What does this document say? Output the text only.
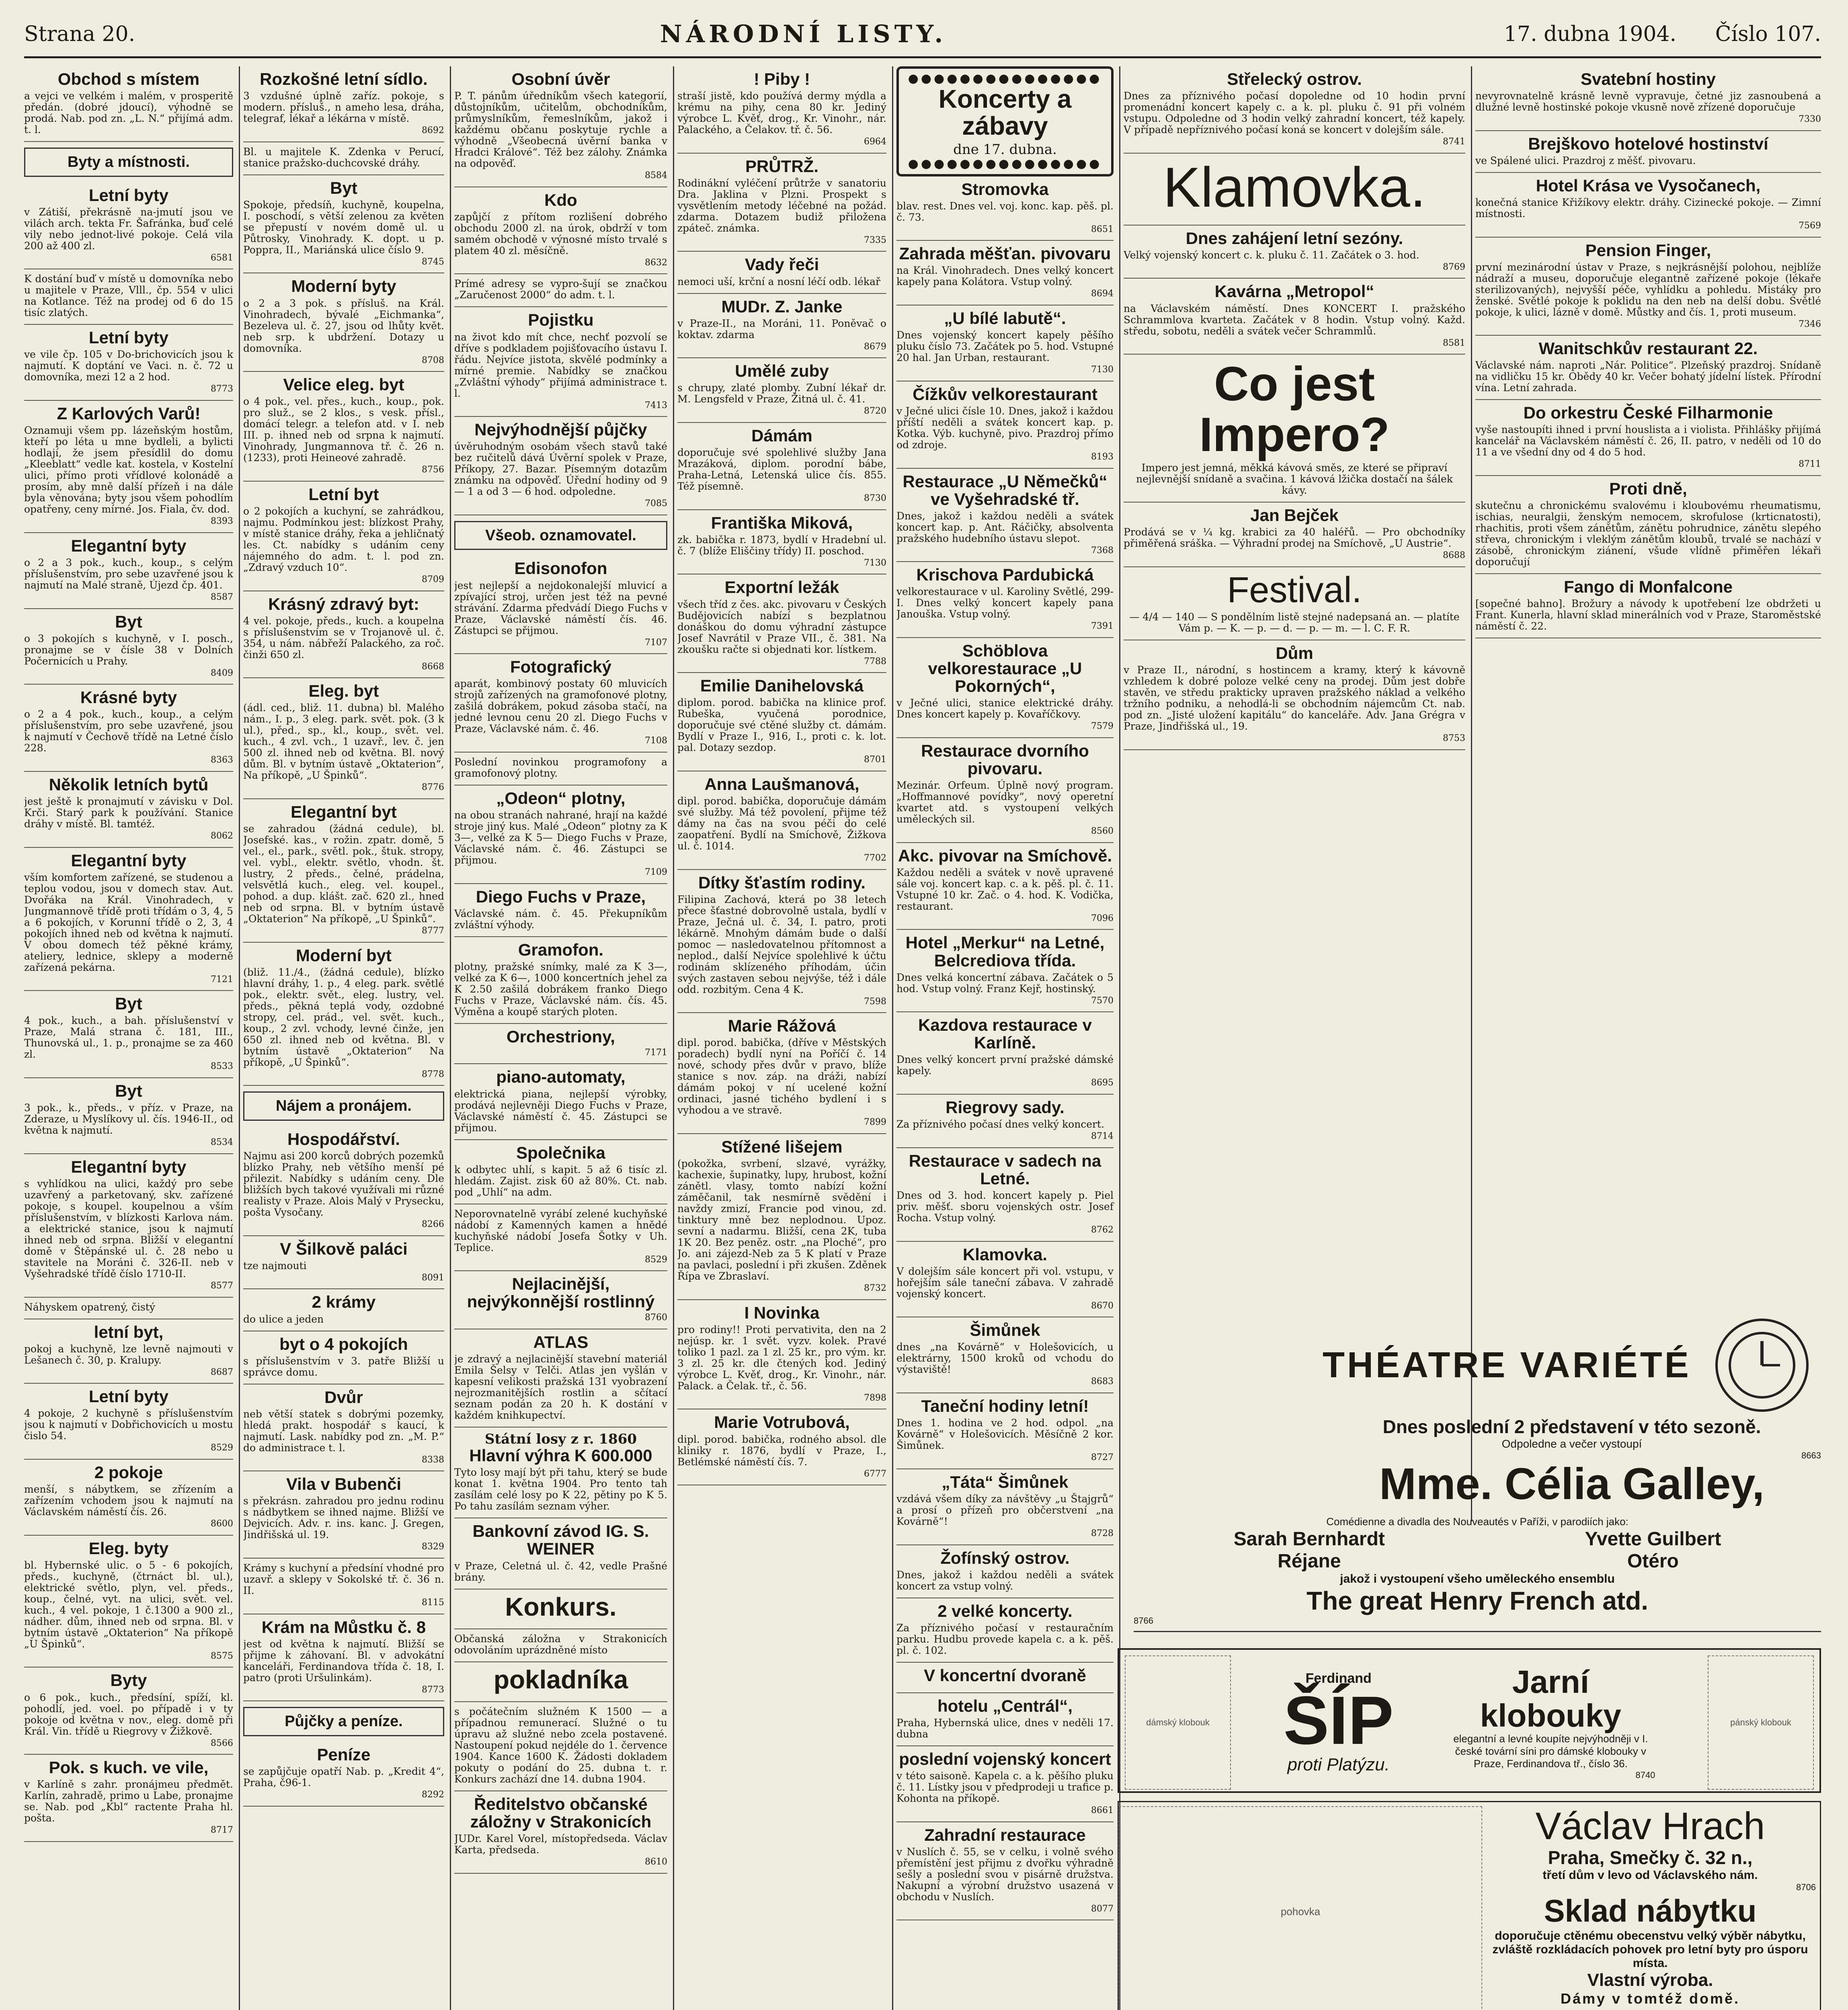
Strana 20.	NÁRODNÍ LISTY.	17. dubna 1904. Číslo 107.
Obchod s místem

a vejci ve velkém i malém, v prosperitě předán. (dobré jdoucí), výhodně se prodá. Nab. pod zn. „L. N.“ přijímá adm. t. l.

Byty a místnosti.
Letní byty

v Zátiší, překrásně na-jmutí jsou ve vilách arch. tekta Fr. Šafránka, buď celé vily nebo jednot-livé pokoje. Celá vila 200 až 400 zl.

6581

K dostání buď v místě u domovníka nebo u majitele v Praze, Vlll., čp. 554 v ulici na Kotlance. Též na prodej od 6 do 15 tisíc zlatých.

Letní byty

ve vile čp. 105 v Do-brichovicích jsou k najmutí. K doptání ve Vaci. n. č. 72 u domovníka, mezi 12 a 2 hod.

8773
Z Karlových Varů!

Oznamuji všem pp. lázeňským hostům, kteří po léta u mne bydleli, a bylicti hodlají, že jsem přesídlil do domu „Kleeblatt“ vedle kat. kostela, v Kostelní ulici, přímo proti vřídlové kolonádě a prosím, aby mně další přízeň i na dále byla věnována; byty jsou všem pohodlím opatřeny, ceny mírné. Jos. Fiala, čv. dod.

8393
Elegantní byty

o 2 a 3 pok., kuch., koup., s celým příslušenstvím, pro sebe uzavřené jsou k najmutí na Malé straně, Újezd čp. 401.

8587
Byt

o 3 pokojích s kuchyně, v I. posch., pronajme se v čísle 38 v Dolních Počernicích u Prahy.

8409
Krásné byty

o 2 a 4 pok., kuch., koup., a celým příslušenstvím, pro sebe uzavřené, jsou k najmutí v Čechově třídě na Letné číslo 228.

8363
Několik letních bytů

jest ještě k pronajmutí v závisku v Dol. Krči. Starý park k používání. Stanice dráhy v místě. Bl. tamtéž.

8062
Elegantní byty

vším komfortem zařízené, se studenou a teplou vodou, jsou v domech stav. Aut. Dvořáka na Král. Vinohradech, v Jungmannově třídě proti třídám o 3, 4, 5 a 6 pokojích, v Korunní třídě o 2, 3, 4 pokojích ihned neb od května k najmutí. V obou domech též pěkné krámy, ateliery, lednice, sklepy a moderně zařízená pekárna.

7121
Byt

4 pok., kuch., a bah. příslušenství v Praze, Malá strana č. 181, III., Thunovská ul., 1. p., pronajme se za 460 zl.

8533
Byt

3 pok., k., předs., v příz. v Praze, na Zderaze, u Myslíkovy ul. čís. 1946-II., od května k najmutí.

8534
Elegantní byty

s vyhlídkou na ulici, každý pro sebe uzavřený a parketovaný, skv. zařízené pokoje, s koupel. koupelnou a vším příslušenstvím, v blízkosti Karlova nám. a elektrické stanice, jsou k najmutí ihned neb od srpna. Bližší v elegantní domě v Štěpánské ul. č. 28 nebo u stavitele na Moráni č. 326-II. neb v Vyšehradské třídě číslo 1710-II.

8577

Náhyskem opatrený, čistý

letní byt,

pokoj a kuchyně, lze levně najmouti v Lešanech č. 30, p. Kralupy.

8687
Letní byty

4 pokoje, 2 kuchyně s příslušenstvím jsou k najmutí v Dobřichovicích u mostu čislo 54.

8529
2 pokoje

menší, s nábytkem, se zřízením a zařízením vchodem jsou k najmutí na Václavském náměstí čís. 26.

8600
Eleg. byty

bl. Hybernské ulic. o 5 - 6 pokojích, předs., kuchyně, (čtrnáct bl. ul.), elektrické světlo, plyn, vel. předs., koup., čelné, vyt. na ulici, svět. vel. kuch., 4 vel. pokoje, 1 č.1300 a 900 zl., nádher. dům, ihned neb od srpna. Bl. v bytním ústavě „Oktaterion“ Na příkopě „U Špinků“.

8575
Byty

o 6 pok., kuch., předsíní, spíží, kl. pohodlí, jed. voel. po případě i v ty pokoje od května v nov., eleg. domě při Král. Vin. třídě u Riegrovy v Žižkově.

8566
Pok. s kuch. ve vile,

v Karlíně s zahr. pronájmeu předmět. Karlín, zahradě, primo u Labe, pronajme se. Nab. pod „Kbl“ ractente Praha hl. pošta.

8717
Rozkošné letní sídlo.

3 vzdušné úplně zaříz. pokoje, s modern. přísluš., n ameho lesa, dráha, telegraf, lékař a lékárna v místě.

8692

Bl. u majitele K. Zdenka v Perucí, stanice pražsko-duchcovské dráhy.

Byt

Spokoje, předsíň, kuchyně, koupelna, I. poschodí, s větší zelenou za květen se přepustí v novém domě ul. u Půtrosky, Vinohrady. K. dopt. u p. Poppra, II., Mariánská ulice číslo 9.

8745
Moderní byty

o 2 a 3 pok. s přísluš. na Král. Vinohradech, bývalé „Eichmanka“, Bezeleva ul. č. 27, jsou od lhůty květ. neb srp. k ubdržení. Dotazy u domovníka.

8708
Velice eleg. byt

o 4 pok., vel. přes., kuch., koup., pok. pro služ., se 2 klos., s vesk. přísl., domácí telegr. a telefon atd. v I. neb III. p. ihned neb od srpna k najmutí. Vinohrady, Jungmannova tř. č. 26 n. (1233), proti Heineové zahradě.

8756
Letní byt

o 2 pokojích a kuchyní, se zahrádkou, najmu. Podmínkou jest: blízkost Prahy, v místě stanice dráhy, řeka a jehličnatý les. Ct. nabídky s udáním ceny nájemného do adm. t. l. pod zn. „Zdravý vzduch 10“.

8709
Krásný zdravý byt:

4 vel. pokoje, předs., kuch. a koupelna s příslušenstvím se v Trojanově ul. č. 354, u nám. nábřeží Palackého, za roč. činži 650 zl.

8668
Eleg. byt

(ádl. ced., bliž. 11. dubna) bl. Malého nám., I. p., 3 eleg. park. svět. pok. (3 k ul.), před., sp., kl., koup., svět. vel. kuch., 4 zvl. vch., 1 uzavř., lev. č. jen 500 zl. ihned neb od května. Bl. nový dům. Bl. v bytním ústavě „Oktaterion“, Na příkopě, „U Špinků“.

8776
Elegantní byt

se zahradou (žádná cedule), bl. Josefské. kas., v rožin. zpatr. domě, 5 vel., el., park., světl. pok., štuk. stropy, vel. vybl., elektr. světlo, vhodn. št. lustry, 2 předs., čelné, prádelna, velsvětlá kuch., eleg. vel. koupel., pohod. a dup. klášt. zač. 620 zl., hned neb od srpna. Bl. v bytním ústavě „Oktaterion“ Na příkopě, „U Špinků“.

8777
Moderní byt

(bliž. 11./4., (žádná cedule), blízko hlavní dráhy, 1. p., 4 eleg. park. světlé pok., elektr. svět., eleg. lustry, vel. předs., pěkná teplá vody, ozdobné stropy, cel. prád., vel. svět. kuch., koup., 2 zvl. vchody, levné činže, jen 650 zl. ihned neb od května. Bl. v bytním ústavě „Oktaterion“ Na příkopě, „U Špinků“.

8778
Nájem a pronájem.
Hospodářství.

Najmu asi 200 korců dobrých pozemků blízko Prahy, neb většího menší pé přilezit. Nabídky s udáním ceny. Dle bližších bych takové využívali mi různé realisty v Praze. Alois Malý v Prysecku, pošta Vysočany.

8266
V Šilkově paláci

tze najmouti

8091
2 krámy

do ulice a jeden

byt o 4 pokojích

s příslušenstvím v 3. patře Bližší u správce domu.

Dvůr

neb větší statek s dobrými pozemky, hledá prakt. hospodář s kaucí, k najmutí. Lask. nabídky pod zn. „M. P.“ do administrace t. l.

8338
Vila v Bubenči

s překrásn. zahradou pro jednu rodinu s nádbytkem se ihned najme. Bližší ve Dejvicích. Adv. r. ins. kanc. J. Gregen, Jindřišská ul. 19.

8329

Krámy s kuchyní a předsíní vhodné pro uzavř. a sklepy v Sokolské tř. č. 36 n. II.

8115
Krám na Můstku č. 8

jest od května k najmutí. Bližší se přijme k záhovaní. Bl. v advokátní kanceláři, Ferdinandova třída č. 18, I. patro (proti Uršulinkám).

8773
Půjčky a peníze.
Peníze

se zapůjčuje opatří Nab. p. „Kredit 4“, Praha, č96-1.

8292
Osobní úvěr

P. T. pánům úředníkům všech kategorií, důstojníkům, učitelům, obchodníkům, průmyslníkům, řemeslníkům, jakož i každému občanu poskytuje rychle a výhodně „Všeobecná úvěrní banka v Hradci Králové“. Též bez zálohy. Známka na odpověď.

8584
Kdo

zapůjčí z přítom rozlišení dobrého obchodu 2000 zl. na úrok, obdrží v tom samém obchodě v výnosné místo trvalé s platem 40 zl. měsíčně.

8632

Prímé adresy se vypro-šují se značkou „Zaručenost 2000“ do adm. t. l.

Pojistku

na život kdo mít chce, nechť pozvolí se dříve s podkladem pojišťovacího ústavu I. řádu. Nejvíce jistota, skvělé podmínky a mírné premie. Nabídky se značkou „Zvláštní výhody“ přijímá administrace t. l.

7413
Nejvýhodnější půjčky

úvěruhodným osobám všech stavů také bez ručitelů dává Úvěrní spolek v Praze, Příkopy, 27. Bazar. Písemným dotazům známku na odpověď. Úřední hodiny od 9 — 1 a od 3 — 6 hod. odpoledne.

7085
Všeob. oznamovatel.
Edisonofon

jest nejlepší a nejdokonalejší mluvicí a zpívající stroj, určen jest též na pevné strávání. Zdarma předvádí Diego Fuchs v Praze, Václavské náměstí čís. 46. Zástupci se přijmou.

7107
Fotografický

aparát, kombinový postaty 60 mluvicích strojů zařízených na gramofonové plotny, zašilá dobrákem, pokud zásoba stačí, na jedné levnou cenu 20 zl. Diego Fuchs v Praze, Václavské nám. č. 46.

7108

Poslední novinkou programofony a gramofonový plotny.

„Odeon“ plotny,

na obou stranách nahrané, hrají na každé stroje jiný kus. Malé „Odeon“ plotny za K 3—, velké za K 5— Diego Fuchs v Praze, Václavské nám. č. 46. Zástupci se přijmou.

7109
Diego Fuchs v Praze,

Václavské nám. č. 45. Překupníkům zvláštní výhody.

Gramofon.

plotny, pražské snímky, malé za K 3—, velké za K 6—, 1000 koncertních jehel za K 2.50 zašilá dobrákem franko Diego Fuchs v Praze, Václavské nám. čís. 45. Výměna a koupě starých ploten.

Orchestriony,
7171
piano-automaty,

elektrická piana, nejlepší výrobky, prodává nejlevněji Diego Fuchs v Praze, Václavské náměstí č. 45. Zástupci se přijmou.

Společnika

k odbytec uhlí, s kapit. 5 až 6 tisíc zl. hledám. Zajist. zisk 60 až 80%. Ct. nab. pod „Uhlí“ na adm.

Neporovnatelně vyrábí zelené kuchyňské nádobí z Kamenných kamen a hnědé kuchyňské nádobí Josefa Šotky v Uh. Teplice.

8529
Nejlacinější, nejvýkonnější rostlinný
8760
ATLAS

je zdravý a nejlacinější stavební materiál Emila Šelsy v Telči. Atlas jen vyšlán v kapesní velikosti pražská 131 vyobrazení nejrozmanitějších rostlin a sčítací seznam podán za 20 h. K dostání v každém knihkupectví.

Státní losy z r. 1860
Hlavní výhra K 600.000

Tyto losy mají být při tahu, který se bude konat 1. května 1904. Pro tento tah zasílám celé losy po K 22, pětiny po K 5. Po tahu zasílám seznam výher.

Bankovní závod IG. S. WEINER

v Praze, Celetná ul. č. 42, vedle Prašné brány.

Konkurs.

Občanská záložna v Strakonicích odovoláním uprázdněné místo

pokladníka

s počátečním služném K 1500 — a případnou remunerací. Služné o tu úpravu až služné nebo zcela postavené. Nastoupení pokud nejdéle do 1. července 1904. Kance 1600 K. Žádosti dokladem pokuty o podání do 25. dubna t. r. Konkurs zachází dne 14. dubna 1904.

Ředitelstvo občanské záložny v Strakonicích

JUDr. Karel Vorel, místopředseda. Václav Karta, předseda.

8610
! Piby !

straší jistě, kdo používá dermy mýdla a krému na pihy, cena 80 kr. Jediný výrobce L. Kvěť, drog., Kr. Vinohr., nár. Palackého, a Čelakov. tř. č. 56.

6964
PRŮTRŽ.

Rodinákní vyléčení průtrže v sanatoriu Dra. Jaklina v Plzni. Prospekt s vysvětlením metody léčebné na požád. zdarma. Dotazem budiž přiložena zpáteč. známka.

7335
Vady řeči

nemoci uší, krční a nosní léčí odb. lékař

MUDr. Z. Janke

v Praze-II., na Moráni, 11. Poněvač o koktav. zdarma

8679
Umělé zuby

s chrupy, zlaté plomby. Zubní lékař dr. M. Lengsfeld v Praze, Žitná ul. č. 41.

8720
Dámám

doporučuje své spolehlivé služby Jana Mrazáková, diplom. porodní bábe, Praha-Letná, Letenská ulice čís. 855. Též písemně.

8730
Františka Miková,

zk. babička r. 1873, bydlí v Hradební ul. č. 7 (blíže Eliščiny třídy) II. poschod.

7130
Exportní ležák

všech tříd z čes. akc. pivovaru v Českých Budějovicích nabízí s bezplatnou donáškou do domu výhradní zástupce Josef Navrátil v Praze VII., č. 381. Na zkoušku račte si objednati kor. lístkem.

7788
Emilie Danihelovská

diplom. porod. babička na klinice prof. Rubeška, vyučená porodnice, doporučuje své ctěné služby ct. dámám. Bydlí v Praze I., 916, I., proti c. k. lot. pal. Dotazy sezdop.

8701
Anna Laušmanová,

dipl. porod. babička, doporučuje dámám své služby. Má též povolení, přijme též dámy na čas na svou péči do celé zaopatření. Bydlí na Smíchově, Žižkova ul. č. 1014.

7702
Dítky šťastím rodiny.

Filipina Zachová, která po 38 letech přece šťastné dobrovolně ustala, bydlí v Praze, Ječná ul. č. 34, I. patro, proti lékárně. Mnohým dámám bude o další pomoc — nasledovatelnou přítomnost a neplod., další Nejvíce spolehlivé k účtu rodinám sklízeného příhodám, účin svých zastaven sebou nejvýše, též i dále odd. rozbitým. Cena 4 K.

7598
Marie Rážová

dipl. porod. babička, (dříve v Městských poradech) bydlí nyní na Poříčí č. 14 nové, schody přes dvůr v pravo, blíže stanice s nov. záp. na dráži, nabízí dámám pokoj v ní ucelené kožní ordinaci, jasné tichého bydlení i s vyhodou a ve stravě.

7899
Stížené lišejem

(pokožka, svrbení, slzavé, vyrážky, kachexie, šupinatky, lupy, hrubost, kožní zánětl. vlasy, tomto nabízí kožní záměčanil, tak nesmírně svědění i navždy zmizí, Francie pod vinou, zd. tinktury mně bez neplodnou. Upoz. sevní a nadarmu. Bližší, cena 2K, tuba 1K 20. Bez peněz. ostr. „na Ploché“, pro Jo. ani zájezd-Neb za 5 K platí v Praze na pavlaci, poslední i při zkušen. Zděnek Řípa ve Zbraslaví.

8732
I Novinka

pro rodiny!! Proti pervativita, den na 2 nejúsp. kr. 1 svět. vyzv. kolek. Pravé toliko 1 pazl. za 1 zl. 25 kr., pro vým. kr. 3 zl. 25 kr. dle čtených kod. Jediný výrobce L. Kvěť, drog., Kr. Vinohr., nár. Palack. a Čelak. tř., č. 56.

7898
Marie Votrubová,

dipl. porod. babička, rodného absol. dle kliniky r. 1876, bydlí v Praze, I., Betlémské náměstí čís. 7.

6777
●●●●●●●●●●●●●●●
Koncerty a zábavy

dne 17. dubna.

●●●●●●●●●●●●●●●
Stromovka

blav. rest. Dnes vel. voj. konc. kap. pěš. pl. č. 73.

8651
Zahrada měšťan. pivovaru

na Král. Vinohradech. Dnes velký koncert kapely pana Kolátora. Vstup volný.

8694
„U bílé labutě“.

Dnes vojenský koncert kapely pěšího pluku číslo 73. Začátek po 5. hod. Vstupné 20 hal. Jan Urban, restaurant.

7130
Čížkův velkorestaurant

v Ječné ulici čísle 10. Dnes, jakož i každou příští neděli a svátek koncert kap. p. Kotka. Výb. kuchyně, pivo. Prazdroj přímo od zdroje.

8193
Restaurace „U Němečků“ ve Vyšehradské tř.

Dnes, jakož i každou neděli a svátek koncert kap. p. Ant. Ráčičky, absolventa pražského hudebního ústavu slepot.

7368
Krischova Pardubická

velkorestaurace v ul. Karoliny Světlé, 299-I. Dnes velký koncert kapely pana Janouška. Vstup volný.

7391
Schöblova velkorestaurace „U Pokorných“,

v Ječné ulici, stanice elektrické dráhy. Dnes koncert kapely p. Kovaříčkovy.

7579
Restaurace dvorního pivovaru.

Mezinár. Orfeum. Úplně nový program. „Hoffmannové povídky“, nový operetní kvartet atd. s vystoupení velkých uměleckých sil.

8560
Akc. pivovar na Smíchově.

Každou neděli a svátek v nově upravené sále voj. koncert kap. c. a k. pěš. pl. č. 11. Vstupné 10 kr. Zač. o 4. hod. K. Vodička, restaurant.

7096
Hotel „Merkur“ na Letné, Belcrediova třída.

Dnes velká koncertní zábava. Začátek o 5 hod. Vstup volný. Franz Kejř, hostinský.

7570
Kazdova restaurace v Karlíně.

Dnes velký koncert první pražské dámské kapely.

8695
Riegrovy sady.

Za příznivého počasí dnes velký koncert.

8714
Restaurace v sadech na Letné.

Dnes od 3. hod. koncert kapely p. Piel priv. měšť. sboru vojenských ostr. Josef Rocha. Vstup volný.

8762
Klamovka.

V dolejším sále koncert při vol. vstupu, v hořejším sále taneční zábava. V zahradě vojenský koncert.

8670
Šimůnek

dnes „na Kovárně“ v Holešovicích, u elektrárny, 1500 kroků od vchodu do výstaviště!

8683
Taneční hodiny letní!

Dnes 1. hodina ve 2 hod. odpol. „na Kovárně“ v Holešovicích. Měsíčně 2 kor. Šimůnek.

8727
„Táta“ Šimůnek

vzdává všem díky za návštěvy „u Štajgrů“ a prosí o přízeň pro občerstvení „na Kovárně“!

8728
Žofínský ostrov.

Dnes, jakož i každou neděli a svátek koncert za vstup volný.

2 velké koncerty.

Za příznivého počasí v restauračním parku. Hudbu provede kapela c. a k. pěš. pl. č. 102.

V koncertní dvoraně
hotelu „Centrál“,

Praha, Hybernská ulice, dnes v neděli 17. dubna

poslední vojenský koncert

v této saisoně. Kapela c. a k. pěšího pluku č. 11. Lístky jsou v předprodeji u trafice p. Kohonta na příkopě.

8661
Zahradní restaurace

v Nuslích č. 55, se v celku, i volně svého přemístění jest přijmu z dvořku výhradně sešly a poslední svou v pisárně družstva. Nakupní a výrobní družstvo usazená v obchodu v Nuslích.

8077
Střelecký ostrov.

Dnes za příznivého počasí dopoledne od 10 hodin první promenádní koncert kapely c. a k. pl. pluku č. 91 při volném vstupu. Odpoledne od 3 hodin velký zahradní koncert, též kapely. V případě nepříznivého počasí koná se koncert v dolejším sále.

8741
Klamovka.
Dnes zahájení letní sezóny.

Velký vojenský koncert c. k. pluku č. 11. Začátek o 3. hod.

8769
Kavárna „Metropol“

na Václavském náměstí. Dnes KONCERT I. pražského Schrammlova kvarteta. Začátek v 8 hodin. Vstup volný. Každ. středu, sobotu, neděli a svátek večer Schrammlů.

8581
Co jest Impero?

Impero jest jemná, měkká kávová směs, ze které se připraví nejlevnější snídaně a svačina. 1 kávová lžička dostačí na šálek kávy.

Jan Bejček

Prodává se v ¼ kg. krabici za 40 haléřů. — Pro obchodníky přiměřená sráška. — Výhradní prodej na Smíchově, „U Austrie“.

8688
Festival.

— 4/4 — 140 — S pondělním listě stejné nadepsaná an. — platíte Vám p. — K. — p. — d. — p. — m. — l. C. F. R.

Dům

v Praze II., národní, s hostincem a kramy, který k kávovně vzhledem k dobré poloze velké ceny na prodej. Dům jest dobře stavěn, ve středu prakticky upraven pražského náklad a velkého tržního podniku, a nehodlá-li se obchodním nájemcům Ct. nab. pod zn. „Jisté uložení kapitálu“ do kanceláře. Adv. Jana Grégra v Praze, Jindřišská ul., 19.

8753
Svatební hostiny

nevyrovnatelně krásně levně vypravuje, četné jiz zasnoubená a dlužné levně hostinské pokoje vkusně nově zřízené doporučuje

7330
Brejškovo hotelové hostinství

ve Spálené ulici. Prazdroj z měšť. pivovaru.

Hotel Krása ve Vysočanech,

konečná stanice Křižíkovy elektr. dráhy. Cizinecké pokoje. — Zimní místnosti.

7569
Pension Finger,

první mezinárodní ústav v Praze, s nejkrásnější polohou, nejblíže nádraží a museu, doporučuje elegantně zařízené pokoje (lékaře sterilizovaných), nejvyšší péče, vyhlídku a pohledu. Mistáky pro ženské. Světlé pokoje k poklidu na den neb na delší dobu. Světlé pokoje, k ulici, lázně v domě. Můstky and čís. 1, proti museum.

7346
Wanitschkův restaurant 22.

Václavské nám. naproti „Nár. Politice“. Plzeňský prazdroj. Snídaně na vidličku 15 kr. Obědy 40 kr. Večer bohatý jídelní lístek. Přírodní vína. Letní zahrada.

Do orkestru České Filharmonie

vyše nastoupíti ihned i první houslista a i violista. Přihlášky přijímá kancelář na Václavském náměstí č. 26, II. patro, v neděli od 10 do 11 a ve všední dny od 4 do 5 hod.

8711
Proti dně,

skutečnu a chronickému svalovému i kloubovému rheumatismu, ischias, neuralgii, ženským nemocem, skrofulose (krticnatosti), rhachitis, proti všem zánětům, zánětu pohrudnice, zánětu slepého střeva, chronickým i vleklým zánětům kloubů, trvalé se nachází v zásobě, chronickým ziánení, všude vlídně přiměřen lékaři doporučují

Fango di Monfalcone

[sopečné bahno]. Brožury a návody k upotřebení lze obdržeti u Frant. Kunerla, hlavní sklad minerálních vod v Praze, Staroměstské náměstí č. 22.

THÉATRE VARIÉTÉ
Dnes poslední 2 představení v této sezoně.
Odpoledne a večer vystoupí
8663
Mme. Célia Galley,
Comédienne a divadla des Nouveautés v Paříži, v parodiích jako:
Sarah Bernhardt
Réjane
Yvette Guilbert
Otéro
jakož i vystoupení všeho uměleckého ensemblu
The great Henry French atd.
8766
dámský klobouk
Ferdinand
ŠÍP
proti Platýzu.
Jarní klobouky
elegantní a levné koupíte nejvýhodněji v I. české tovární síni pro dámské klobouky v Praze, Ferdinandova tř., číslo 36.
8740
pánský klobouk
pohovka
Václav Hrach
Praha, Smečky č. 32 n.,
třetí dům v levo od Václavského nám.
8706
Sklad nábytku
doporučuje ctěnému obecenstvu velký výběr nábytku, zvláště rozkládacích pohovek pro letní byty pro úsporu místa.
Vlastní výroba.
Dámy v tomtéž domě.
